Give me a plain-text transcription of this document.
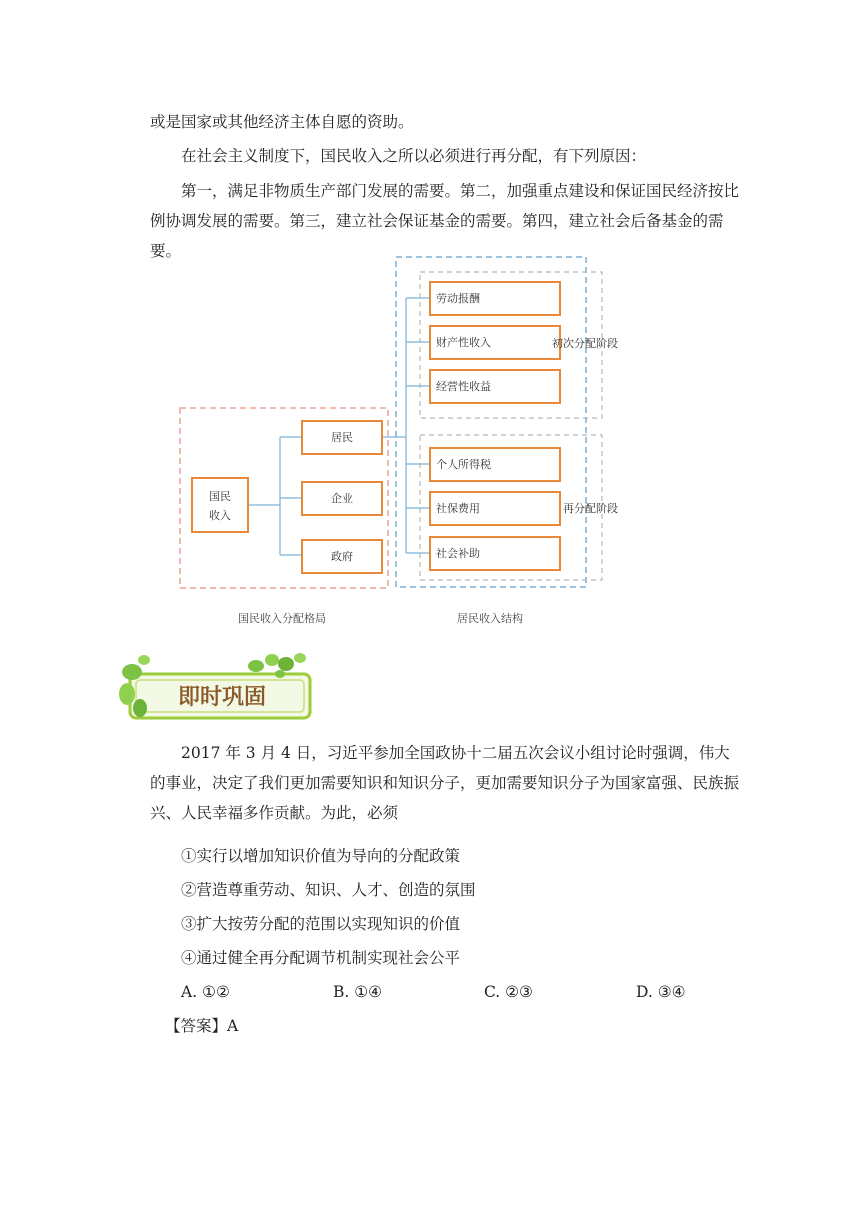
或是国家或其他经济主体自愿的资助。

在社会主义制度下，国民收入之所以必须进行再分配，有下列原因：

第一，满足非物质生产部门发展的需要。第二，加强重点建设和保证国民经济按比例协调发展的需要。第三，建立社会保证基金的需要。第四，建立社会后备基金的需要。

国民
收入
居民
企业
政府
劳动报酬
财产性收入
经营性收益
个人所得税
社保费用
社会补助
初次分配阶段
再分配阶段
国民收入分配格局	居民收入结构
即时巩固

2017 年 3 月 4 日，习近平参加全国政协十二届五次会议小组讨论时强调，伟大的事业，决定了我们更加需要知识和知识分子，更加需要知识分子为国家富强、民族振兴、人民幸福多作贡献。为此，必须

①实行以增加知识价值为导向的分配政策

②营造尊重劳动、知识、人才、创造的氛围

③扩大按劳分配的范围以实现知识的价值

④通过健全再分配调节机制实现社会公平

A. ①②	B. ①④	C. ②③	D. ③④

【答案】A
